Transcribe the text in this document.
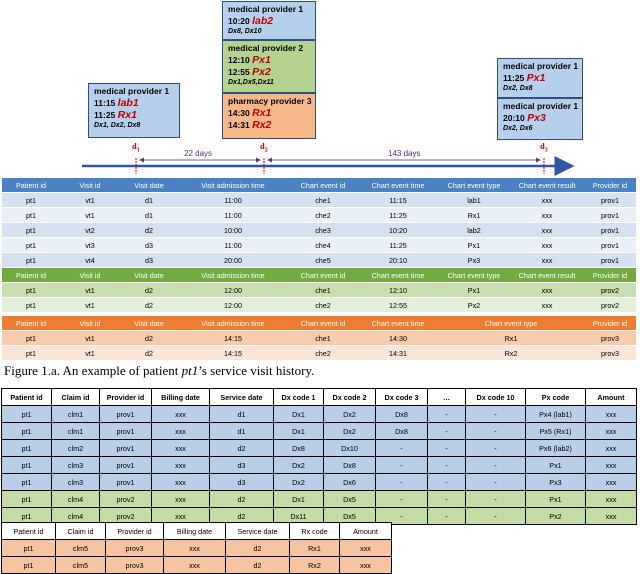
medical provider 1
11:15 lab1
11:25 Rx1
Dx1, Dx2, Dx8
medical provider 1
10:20 lab2
Dx8, Dx10
medical provider 2
12:10 Px1
12:55 Px2
Dx1,Dx5,Dx11
pharmacy provider 3
14:30 Rx1
14:31 Rx2
medical provider 1
11:25 Px1
Dx2, Dx8
medical provider 1
20:10 Px3
Dx2, Dx6
$d_1$	$d_2$	$d_3$
22 days	143 days
Patient id	Visit id	Visit date	Visit admission time	Chart event id	Chart event time	Chart event type	Chart event result	Provider id
pt1	vt1	d1	11:00	che1	11:15	lab1	xxx	prov1
pt1	vt1	d1	11:00	che2	11:25	Rx1	xxx	prov1
pt1	vt2	d2	10:00	che3	10:20	lab2	xxx	prov1
pt1	vt3	d3	11:00	che4	11:25	Px1	xxx	prov1
pt1	vt4	d3	20:00	che5	20:10	Px3	xxx	prov1
Patient id	Visit id	Visit date	Visit admission time	Chart event id	Chart event time	Chart event type	Chart event result	Provider id
pt1	vt1	d2	12:00	che1	12:10	Px1	xxx	prov2
pt1	vt1	d2	12:00	che2	12:55	Px2	xxx	prov2
Patient id	Visit id	Visit date	Visit admission time	Chart event id	Chart event time	Chart event type	Provider id
pt1	vt1	d2	14:15	che1	14:30	Rx1	prov3
pt1	vt1	d2	14:15	che2	14:31	Rx2	prov3
Figure 1.a. An example of patient pt1’s service visit history.
Patient id	Claim id	Provider id	Billing date	Service date	Dx code 1	Dx code 2	Dx code 3	…	Dx code 10	Px code	Amount
pt1	clm1	prov1	xxx	d1	Dx1	Dx2	Dx8	-	-	Px4 (lab1)	xxx
pt1	clm1	prov1	xxx	d1	Dx1	Dx2	Dx8	-	-	Px5 (Rx1)	xxx
pt1	clm2	prov1	xxx	d2	Dx8	Dx10	-	-	-	Px6 (lab2)	xxx
pt1	clm3	prov1	xxx	d3	Dx2	Dx8	-	-	-	Px1	xxx
pt1	clm3	prov1	xxx	d3	Dx2	Dx6	-	-	-	Px3	xxx
pt1	clm4	prov2	xxx	d2	Dx1	Dx5	-	-	-	Px1	xxx
pt1	clm4	prov2	xxx	d2	Dx11	Dx5	-	-	-	Px2	xxx
Patient id	Claim id	Provider id	Billing date	Service date	Rx code	Amount
pt1	clm5	prov3	xxx	d2	Rx1	xxx
pt1	clm5	prov3	xxx	d2	Rx2	xxx
